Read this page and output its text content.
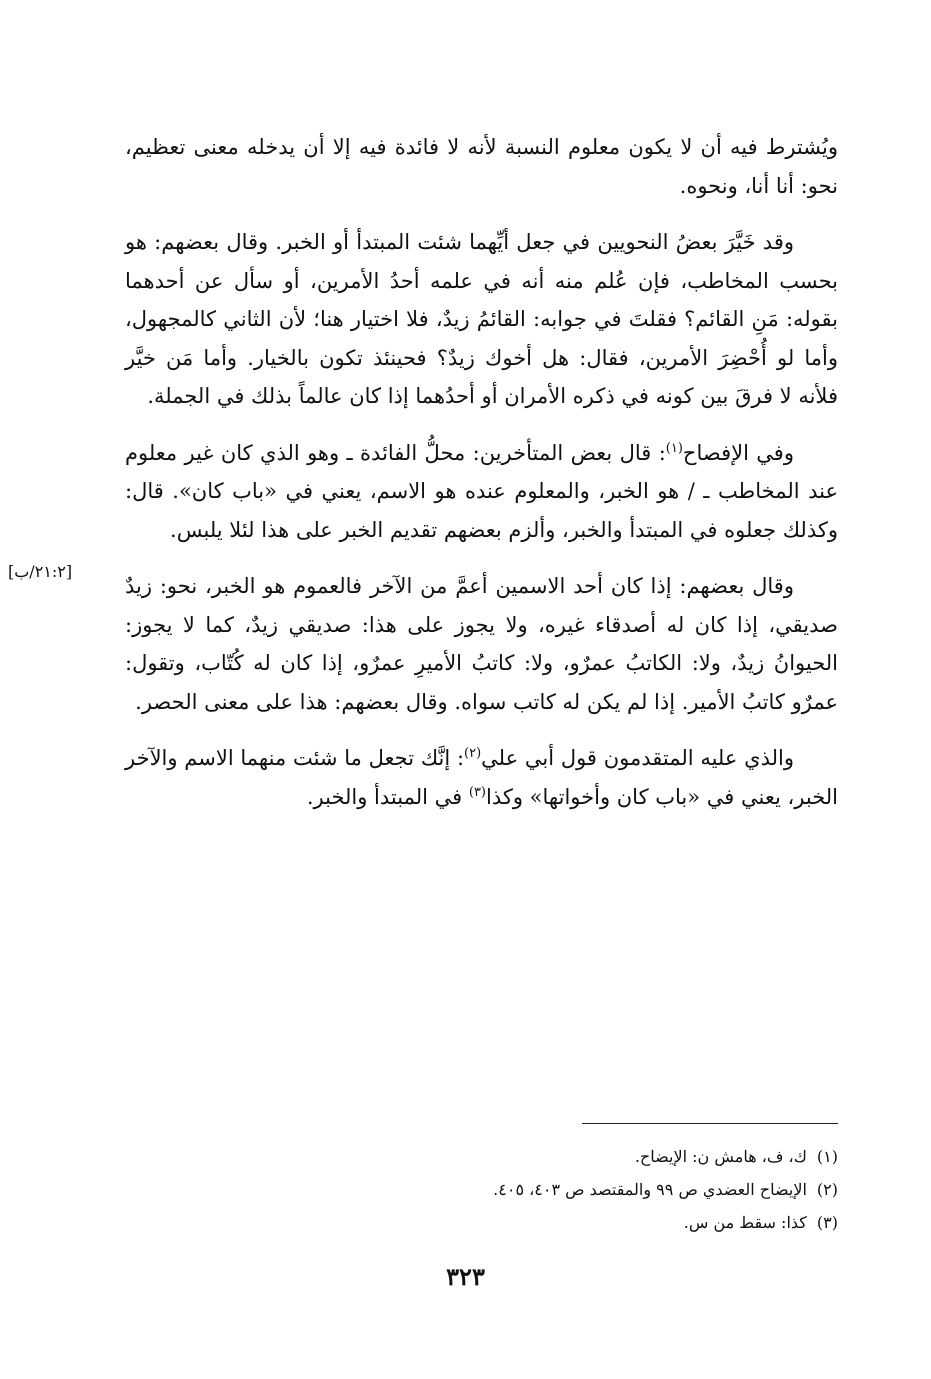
ويُشترط فيه أن لا يكون معلوم النسبة لأنه لا فائدة فيه إلا أن يدخله معنى تعظيم، نحو: أنا أنا، ونحوه.

وقد خَيَّرَ بعضُ النحويين في جعل أيِّهما شئت المبتدأ أو الخبر. وقال بعضهم: هو بحسب المخاطب، فإن عُلم منه أنه في علمه أحدُ الأمرين، أو سأل عن أحدهما بقوله: مَنِ القائم؟ فقلتَ في جوابه: القائمُ زيدٌ، فلا اختيار هنا؛ لأن الثاني كالمجهول، وأما لو أُحْضِرَ الأمرين، فقال: هل أخوك زيدٌ؟ فحينئذ تكون بالخيار. وأما مَن خيَّر فلأنه لا فرقَ بين كونه في ذكره الأمران أو أحدُهما إذا كان عالماً بذلك في الجملة.

وفي الإفصاح$^{(١)}$: قال بعض المتأخرين: محلُّ الفائدة ـ وهو الذي كان غير معلوم عند المخاطب ـ / هو الخبر، والمعلوم عنده هو الاسم، يعني في «باب كان». قال: وكذلك جعلوه في المبتدأ والخبر، وألزم بعضهم تقديم الخبر على هذا لئلا يلبس.

وقال بعضهم: إذا كان أحد الاسمين أعمَّ من الآخر فالعموم هو الخبر، نحو: زيدٌ صديقي، إذا كان له أصدقاء غيره، ولا يجوز على هذا: صديقي زيدٌ، كما لا يجوز: الحيوانُ زيدٌ، ولا: الكاتبُ عمرٌو، ولا: كاتبُ الأميرِ عمرٌو، إذا كان له كُتّاب، وتقول: عمرٌو كاتبُ الأمير. إذا لم يكن له كاتب سواه. وقال بعضهم: هذا على معنى الحصر.

والذي عليه المتقدمون قول أبي علي$^{(٢)}$: إنَّك تجعل ما شئت منهما الاسم والآخر الخبر، يعني في «باب كان وأخواتها» وكذا$^{(٣)}$ في المبتدأ والخبر.

[٢١:٢/ب]

(١)ك، ف، هامش ن: الإيضاح.

(٢)الإيضاح العضدي ص ٩٩ والمقتصد ص ٤٠٣، ٤٠٥.

(٣)كذا: سقط من س.

٣٢٣
